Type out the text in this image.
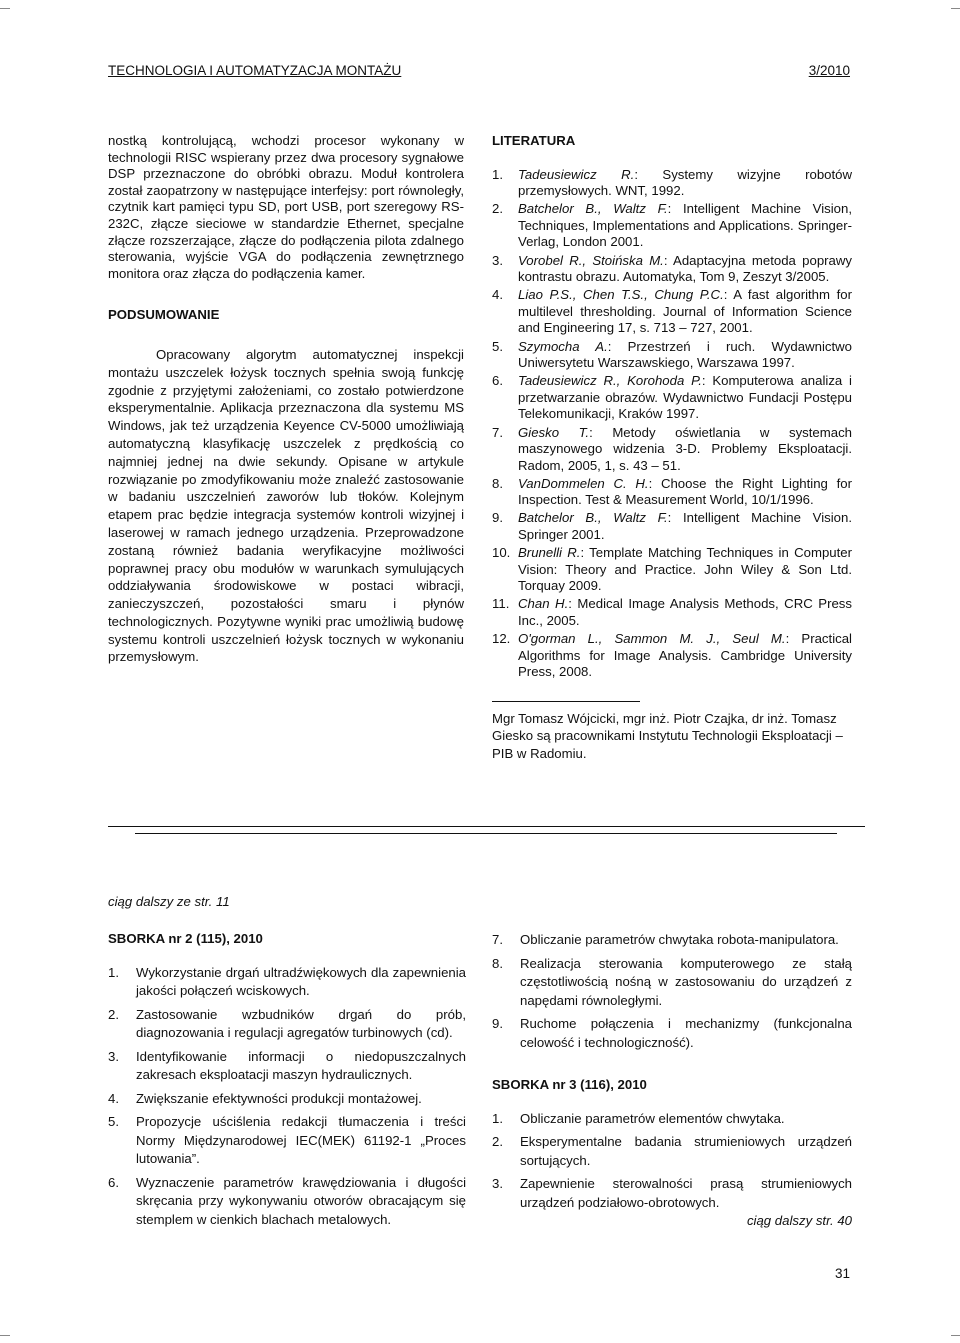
TECHNOLOGIA I AUTOMATYZACJA MONTAŻU	3/2010

nostką kontrolującą, wchodzi procesor wykonany w technologii RISC wspierany przez dwa procesory sygnałowe DSP przeznaczone do obróbki obrazu. Moduł kontrolera został zaopatrzony w następujące interfejsy: port równoległy, czytnik kart pamięci typu SD, port USB, port szeregowy RS-232C, złącze sieciowe w standardzie Ethernet, specjalne złącze rozszerzające, złącze do podłączenia pilota zdalnego sterowania, wyjście VGA do podłączenia zewnętrznego monitora oraz złącza do podłączenia kamer.

PODSUMOWANIE

Opracowany algorytm automatycznej inspekcji montażu uszczelek łożysk tocznych spełnia swoją funkcję zgodnie z przyjętymi założeniami, co zostało potwierdzone eksperymentalnie. Aplikacja przeznaczona dla systemu MS Windows, jak też urządzenia Keyence CV-5000 umożliwiają automatyczną klasyfikację uszczelek z prędkością co najmniej jednej na dwie sekundy. Opisane w artykule rozwiązanie po zmodyfikowaniu może znaleźć zastosowanie w badaniu uszczelnień zaworów lub tłoków. Kolejnym etapem prac będzie integracja systemów kontroli wizyjnej i laserowej w ramach jednego urządzenia. Przeprowadzone zostaną również badania weryfikacyjne możliwości poprawnej pracy obu modułów w warunkach symulujących oddziaływania środowiskowe w postaci wibracji, zanieczyszczeń, pozostałości smaru i płynów technologicznych. Pozytywne wyniki prac umożliwią budowę systemu kontroli uszczelnień łożysk tocznych w wykonaniu przemysłowym.

LITERATURA

1. Tadeusiewicz R.: Systemy wizyjne robotów przemysłowych. WNT, 1992.
2. Batchelor B., Waltz F.: Intelligent Machine Vision, Techniques, Implementations and Applications. Springer-Verlag, London 2001.
3. Vorobel R., Stoińska M.: Adaptacyjna metoda poprawy kontrastu obrazu. Automatyka, Tom 9, Zeszyt 3/2005.
4. Liao P.S., Chen T.S., Chung P.C.: A fast algorithm for multilevel thresholding. Journal of Information Science and Engineering 17, s. 713 – 727, 2001.
5. Szymocha A.: Przestrzeń i ruch. Wydawnictwo Uniwersytetu Warszawskiego, Warszawa 1997.
6. Tadeusiewicz R., Korohoda P.: Komputerowa analiza i przetwarzanie obrazów. Wydawnictwo Fundacji Postępu Telekomunikacji, Kraków 1997.
7. Giesko T.: Metody oświetlania w systemach maszynowego widzenia 3-D. Problemy Eksploatacji. Radom, 2005, 1, s. 43 – 51.
8. VanDommelen C. H.: Choose the Right Lighting for Inspection. Test & Measurement World, 10/1/1996.
9. Batchelor B., Waltz F.: Intelligent Machine Vision. Springer 2001.
10. Brunelli R.: Template Matching Techniques in Computer Vision: Theory and Practice. John Wiley & Son Ltd. Torquay 2009.
11. Chan H.: Medical Image Analysis Methods, CRC Press Inc., 2005.
12. O'gorman L., Sammon M. J., Seul M.: Practical Algorithms for Image Analysis. Cambridge University Press, 2008.

Mgr Tomasz Wójcicki, mgr inż. Piotr Czajka, dr inż. Tomasz Giesko są pracownikami Instytutu Technologii Eksploatacji – PIB w Radomiu.

ciąg dalszy ze str. 11

SBORKA nr 2 (115), 2010

1. Wykorzystanie drgań ultradźwiękowych dla zapewnienia jakości połączeń wciskowych.
2. Zastosowanie wzbudników drgań do prób, diagnozowania i regulacji agregatów turbinowych (cd).
3. Identyfikowanie informacji o niedopuszczalnych zakresach eksploatacji maszyn hydraulicznych.
4. Zwiększanie efektywności produkcji montażowej.
5. Propozycje uściślenia redakcji tłumaczenia i treści Normy Międzynarodowej IEC(MEK) 61192-1 „Proces lutowania”.
6. Wyznaczenie parametrów krawędziowania i długości skręcania przy wykonywaniu otworów obracającym się stemplem w cienkich blachach metalowych.
7. Obliczanie parametrów chwytaka robota-manipulatora.
8. Realizacja sterowania komputerowego ze stałą częstotliwością nośną w zastosowaniu do urządzeń z napędami równoległymi.
9. Ruchome połączenia i mechanizmy (funkcjonalna celowość i technologiczność).

SBORKA nr 3 (116), 2010

1. Obliczanie parametrów elementów chwytaka.
2. Eksperymentalne badania strumieniowych urządzeń sortujących.
3. Zapewnienie sterowalności prasą strumieniowych urządzeń podziałowo-obrotowych.
ciąg dalszy str. 40
31
